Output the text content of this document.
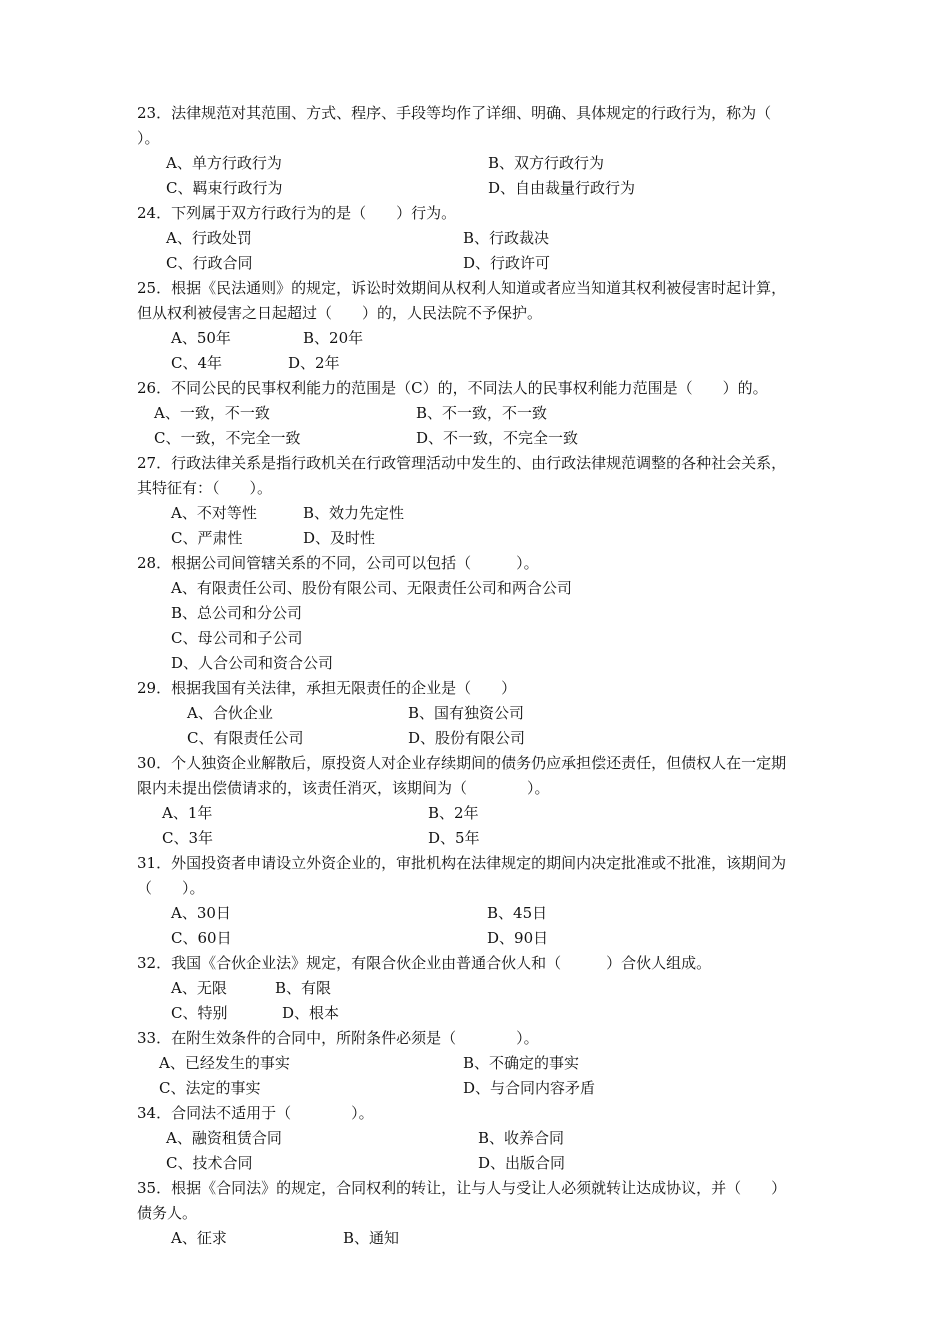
23．法律规范对其范围、方式、程序、手段等均作了详细、明确、具体规定的行政行为，称为（
）。
A、单方行政行为	B、双方行政行为
C、羁束行政行为	D、自由裁量行政行为
24．下列属于双方行政行为的是（　　）行为。
A、行政处罚	B、行政裁决
C、行政合同	D、行政许可
25．根据《民法通则》的规定，诉讼时效期间从权利人知道或者应当知道其权利被侵害时起计算，
但从权利被侵害之日起超过（　　）的，人民法院不予保护。
A、50年	B、20年
C、4年	D、2年
26．不同公民的民事权利能力的范围是（C）的，不同法人的民事权利能力范围是（　　）的。
A、一致，不一致	B、不一致，不一致
C、一致，不完全一致	D、不一致，不完全一致
27．行政法律关系是指行政机关在行政管理活动中发生的、由行政法律规范调整的各种社会关系，
其特征有：（　　）。
A、不对等性	B、效力先定性
C、严肃性	D、及时性
28．根据公司间管辖关系的不同，公司可以包括（　　　）。
A、有限责任公司、股份有限公司、无限责任公司和两合公司
B、总公司和分公司
C、母公司和子公司
D、人合公司和资合公司
29．根据我国有关法律，承担无限责任的企业是（　　）
A、合伙企业	B、国有独资公司
C、有限责任公司	D、股份有限公司
30．个人独资企业解散后，原投资人对企业存续期间的债务仍应承担偿还责任，但债权人在一定期
限内未提出偿债请求的，该责任消灭，该期间为（　　　　）。
A、1年	B、2年
C、3年	D、5年
31．外国投资者申请设立外资企业的，审批机构在法律规定的期间内决定批准或不批准，该期间为
（　　）。
A、30日	B、45日
C、60日	D、90日
32．我国《合伙企业法》规定，有限合伙企业由普通合伙人和（　　　）合伙人组成。
A、无限	B、有限
C、特别	D、根本
33．在附生效条件的合同中，所附条件必须是（　　　　）。
A、已经发生的事实	B、不确定的事实
C、法定的事实	D、与合同内容矛盾
34．合同法不适用于（　　　　）。
A、融资租赁合同	B、收养合同
C、技术合同	D、出版合同
35．根据《合同法》的规定，合同权利的转让，让与人与受让人必须就转让达成协议，并（　　）
债务人。
A、征求	B、通知
